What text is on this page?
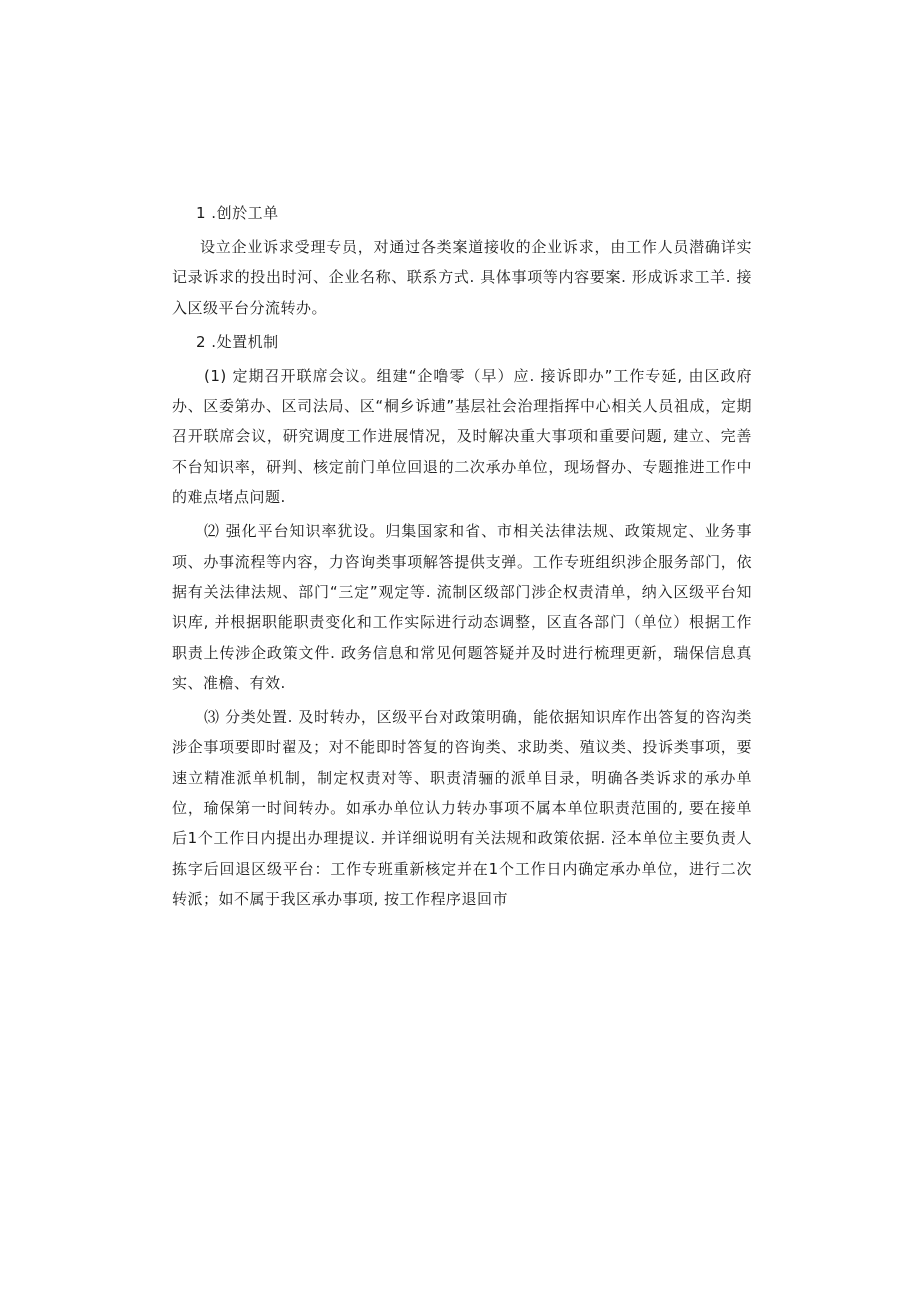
1 .创於工单

设立企业诉求受理专员，对通过各类案道接收的企业诉求，由工作人员潜确详实记录诉求的投出时河、企业名称、联系方式. 具体事项等内容要案. 形成诉求工羊. 接入区级平台分流转办。

2 .处置机制

(1) 定期召开联席会议。组建“企噜零（早）应. 接诉即办”工作专延, 由区政府办、区委第办、区司法局、区“桐乡诉逋”基层社会治理指挥中心相关人员祖成，定期召开联席会议，研究调度工作进展情况，及时解决重大事项和重要问题, 建立、完善不台知识率，研判、核定前门单位回退的二次承办单位，现场督办、专题推进工作中的难点堵点问题.

⑵ 强化平台知识率犹设。归集国家和省、市相关法律法规、政策规定、业务事项、办事流程等内容，力咨询类事项解答提供支弹。工作专班组织涉企服务部门，依据有关法律法规、部门“三定”观定等. 流制区级部门涉企权责清单，纳入区级平台知识库, 并根据职能职责变化和工作实际进行动态调整，区直各部门（单位）根据工作职责上传涉企政策文件. 政务信息和常见何题答疑并及时进行梳理更新，瑞保信息真实、准檐、有效.

⑶ 分类处置. 及时转办，区级平台对政策明确，能依据知识库作出答复的咨沟类涉企事项要即时翟及；对不能即时答复的咨询类、求助类、殖议类、投诉类事项，要速立精准派单机制，制定权责对等、职责清骊的派单目录，明确各类诉求的承办单位，瑜保第一时间转办。如承办单位认力转办事项不属本单位职责范围的, 要在接单后1个工作日内提出办理提议. 并详细说明有关法规和政策依据. 泾本单位主要负责人拣字后回退区级平台：工作专班重新核定并在1个工作日内确定承办单位，进行二次转派；如不属于我区承办事项, 按工作程序退回市
